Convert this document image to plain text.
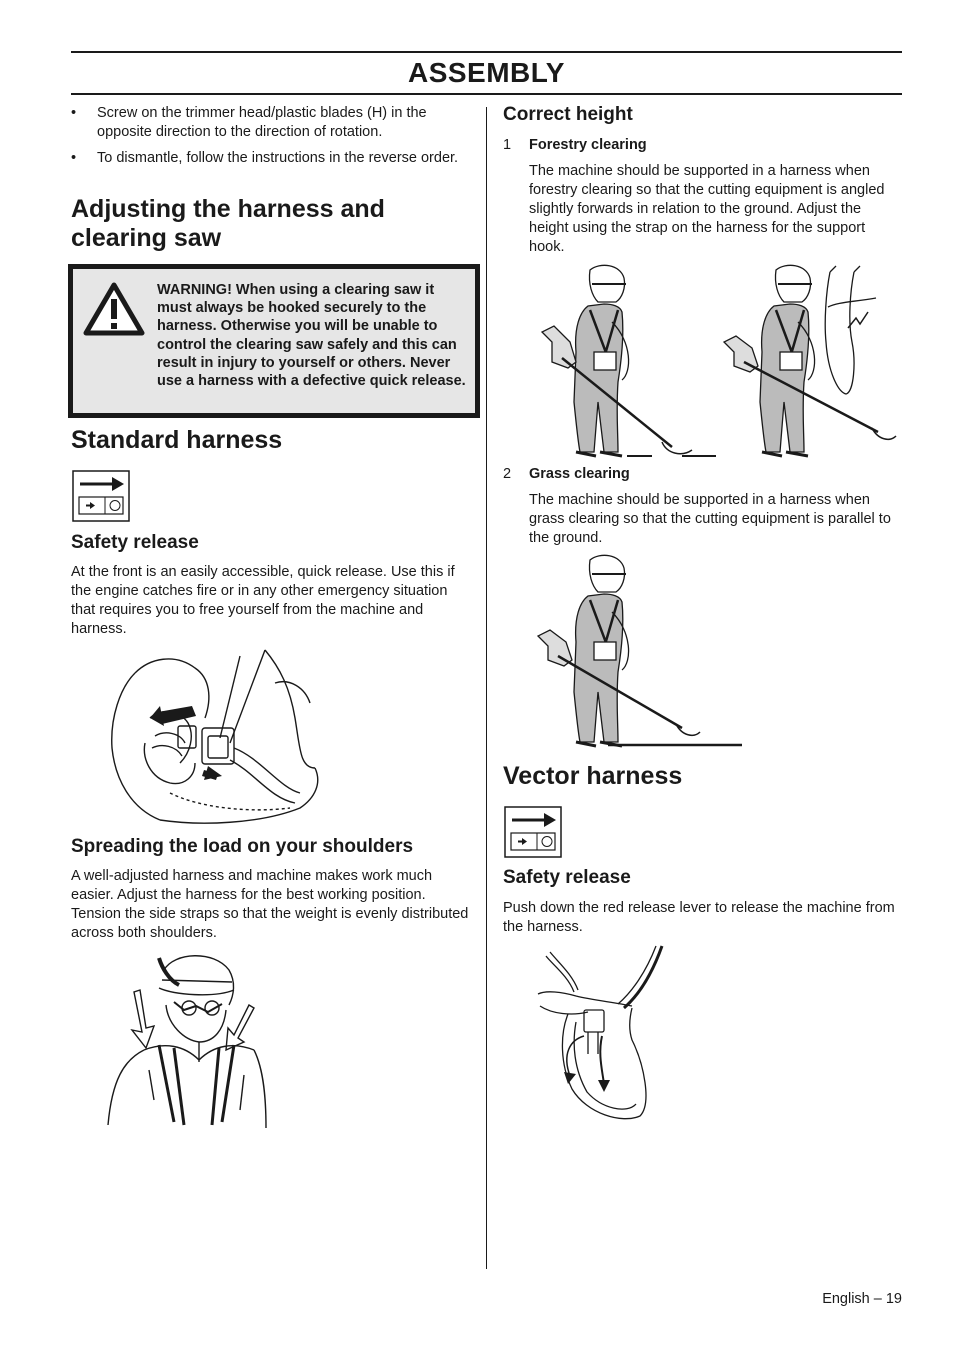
ASSEMBLY
• Screw on the trimmer head/plastic blades (H) in the opposite direction to the direction of rotation.
• To dismantle, follow the instructions in the reverse order.
Adjusting the harness and clearing saw
WARNING! When using a clearing saw it must always be hooked securely to the harness. Otherwise you will be unable to control the clearing saw safely and this can result in injury to yourself or others. Never use a harness with a defective quick release.
Standard harness
Safety release
At the front is an easily accessible, quick release. Use this if the engine catches fire or in any other emergency situation that requires you to free yourself from the machine and harness.
Spreading the load on your shoulders
A well-adjusted harness and machine makes work much easier. Adjust the harness for the best working position. Tension the side straps so that the weight is evenly distributed across both shoulders.
Correct height
1 Forestry clearing
The machine should be supported in a harness when forestry clearing so that the cutting equipment is angled slightly forwards in relation to the ground. Adjust the height using the strap on the harness for the support hook.
2 Grass clearing
The machine should be supported in a harness when grass clearing so that the cutting equipment is parallel to the ground.
Vector harness
Safety release
Push down the red release lever to release the machine from the harness.
English – 19
